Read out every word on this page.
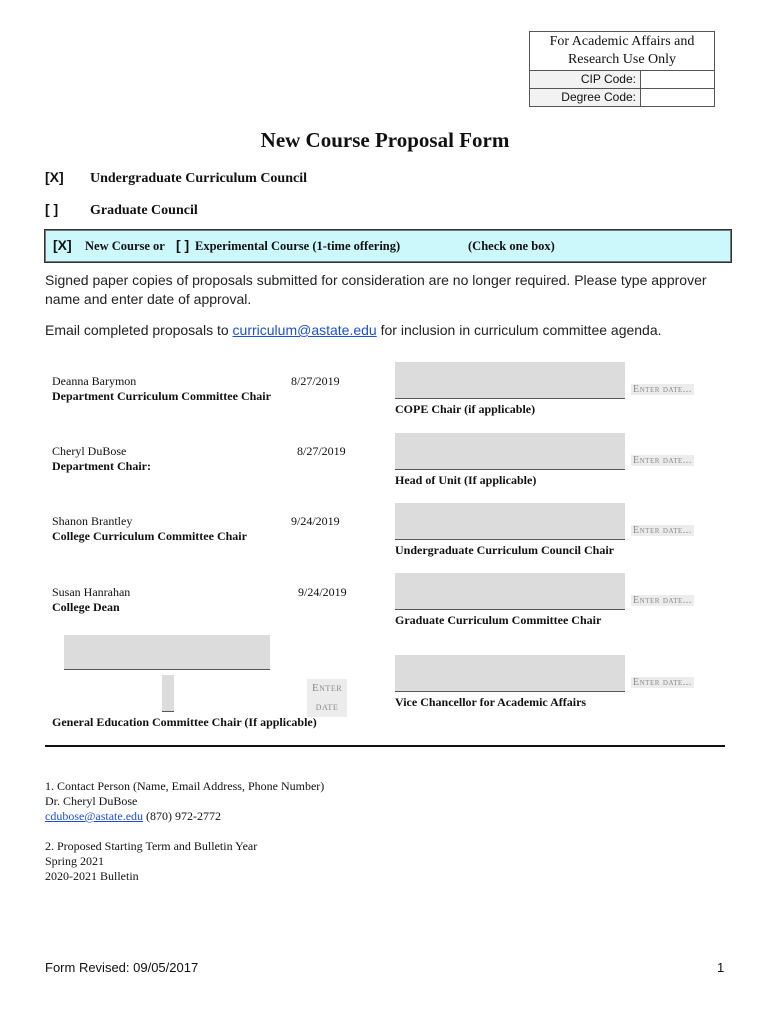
For Academic Affairs and Research Use Only
CIP Code:
Degree Code:
New Course Proposal Form
[X] Undergraduate Curriculum Council
[ ] Graduate Council
[X] New Course or [ ] Experimental Course (1-time offering)	(Check one box)
Signed paper copies of proposals submitted for consideration are no longer required. Please type approver name and enter date of approval.
Email completed proposals to curriculum@astate.edu for inclusion in curriculum committee agenda.
Deanna Barymon
Department Curriculum Committee Chair
8/27/2019
Cheryl DuBose
Department Chair:
8/27/2019
Shanon Brantley
College Curriculum Committee Chair
9/24/2019
Susan Hanrahan
College Dean
9/24/2019
Enter
date
General Education Committee Chair (If applicable)
Enter date...
COPE Chair (if applicable)
Enter date...
Head of Unit (If applicable)
Enter date...
Undergraduate Curriculum Council Chair
Enter date...
Graduate Curriculum Committee Chair
Enter date...
Vice Chancellor for Academic Affairs
1. Contact Person (Name, Email Address, Phone Number)
Dr. Cheryl DuBose
cdubose@astate.edu (870) 972-2772
2. Proposed Starting Term and Bulletin Year
Spring 2021
2020-2021 Bulletin
Form Revised: 09/05/2017	1
